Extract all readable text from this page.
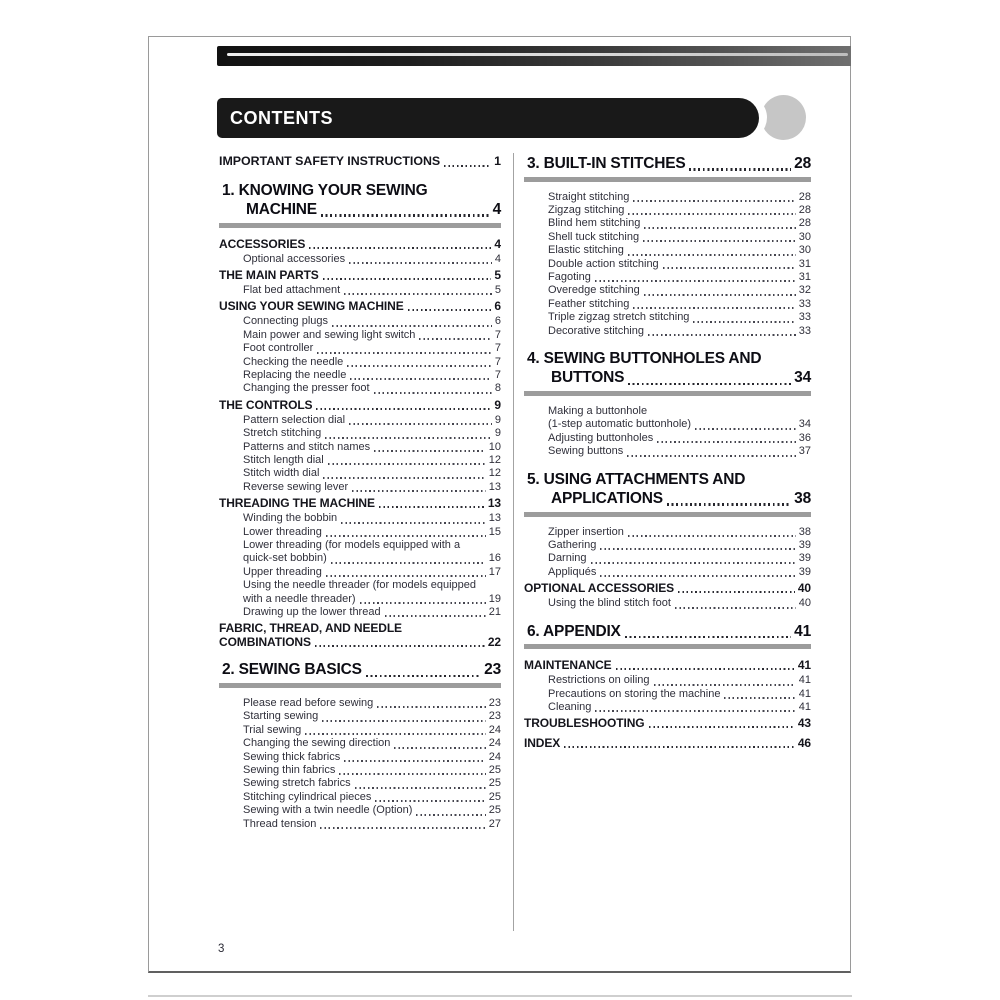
CONTENTS
IMPORTANT SAFETY INSTRUCTIONS	1
1. KNOWING YOUR SEWING
MACHINE	4
ACCESSORIES	4
Optional accessories	4
THE MAIN PARTS	5
Flat bed attachment	5
USING YOUR SEWING MACHINE	6
Connecting plugs	6
Main power and sewing light switch	7
Foot controller	7
Checking the needle	7
Replacing the needle	7
Changing the presser foot	8
THE CONTROLS	9
Pattern selection dial	9
Stretch stitching	9
Patterns and stitch names	10
Stitch length dial	12
Stitch width dial	12
Reverse sewing lever	13
THREADING THE MACHINE	13
Winding the bobbin	13
Lower threading	15
Lower threading (for models equipped with a
quick-set bobbin)	16
Upper threading	17
Using the needle threader (for models equipped
with a needle threader)	19
Drawing up the lower thread	21
FABRIC, THREAD, AND NEEDLE
COMBINATIONS	22
2. SEWING BASICS	23
Please read before sewing	23
Starting sewing	23
Trial sewing	24
Changing the sewing direction	24
Sewing thick fabrics	24
Sewing thin fabrics	25
Sewing stretch fabrics	25
Stitching cylindrical pieces	25
Sewing with a twin needle (Option)	25
Thread tension	27
3. BUILT-IN STITCHES	28
Straight stitching	28
Zigzag stitching	28
Blind hem stitching	28
Shell tuck stitching	30
Elastic stitching	30
Double action stitching	31
Fagoting	31
Overedge stitching	32
Feather stitching	33
Triple zigzag stretch stitching	33
Decorative stitching	33
4. SEWING BUTTONHOLES AND
BUTTONS	34
Making a buttonhole
(1-step automatic buttonhole)	34
Adjusting buttonholes	36
Sewing buttons	37
5. USING ATTACHMENTS AND
APPLICATIONS	38
Zipper insertion	38
Gathering	39
Darning	39
Appliqués	39
OPTIONAL ACCESSORIES	40
Using the blind stitch foot	40
6. APPENDIX	41
MAINTENANCE	41
Restrictions on oiling	41
Precautions on storing the machine	41
Cleaning	41
TROUBLESHOOTING	43
INDEX	46
3
